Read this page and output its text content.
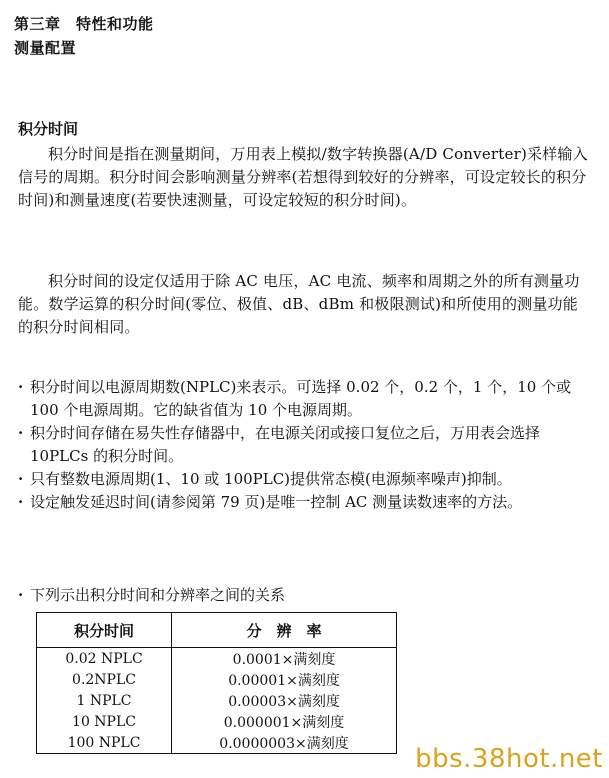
第三章　特性和功能
测量配置
积分时间

积分时间是指在测量期间，万用表上模拟/数字转换器(A/D Converter)采样输入信号的周期。积分时间会影响测量分辨率(若想得到较好的分辨率，可设定较长的积分时间)和测量速度(若要快速测量，可设定较短的积分时间)。

积分时间的设定仅适用于除 AC 电压，AC 电流、频率和周期之外的所有测量功能。数学运算的积分时间(零位、极值、dB、dBm 和极限测试)和所使用的测量功能的积分时间相同。

· 积分时间以电源周期数(NPLC)来表示。可选择 0.02 个，0.2 个，1 个，10 个或 100 个电源周期。它的缺省值为 10 个电源周期。

· 积分时间存储在易失性存储器中，在电源关闭或接口复位之后，万用表会选择 10PLCs 的积分时间。

· 只有整数电源周期(1、10 或 100PLC)提供常态模(电源频率噪声)抑制。

· 设定触发延迟时间(请参阅第 79 页)是唯一控制 AC 测量读数速率的方法。

· 下列示出积分时间和分辨率之间的关系

积分时间	分　辨　率
0.02 NPLC	0.0001×满刻度
0.2NPLC	0.00001×满刻度
1 NPLC	0.00003×满刻度
10 NPLC	0.000001×满刻度
100 NPLC	0.0000003×满刻度
bbs.38hot.net
